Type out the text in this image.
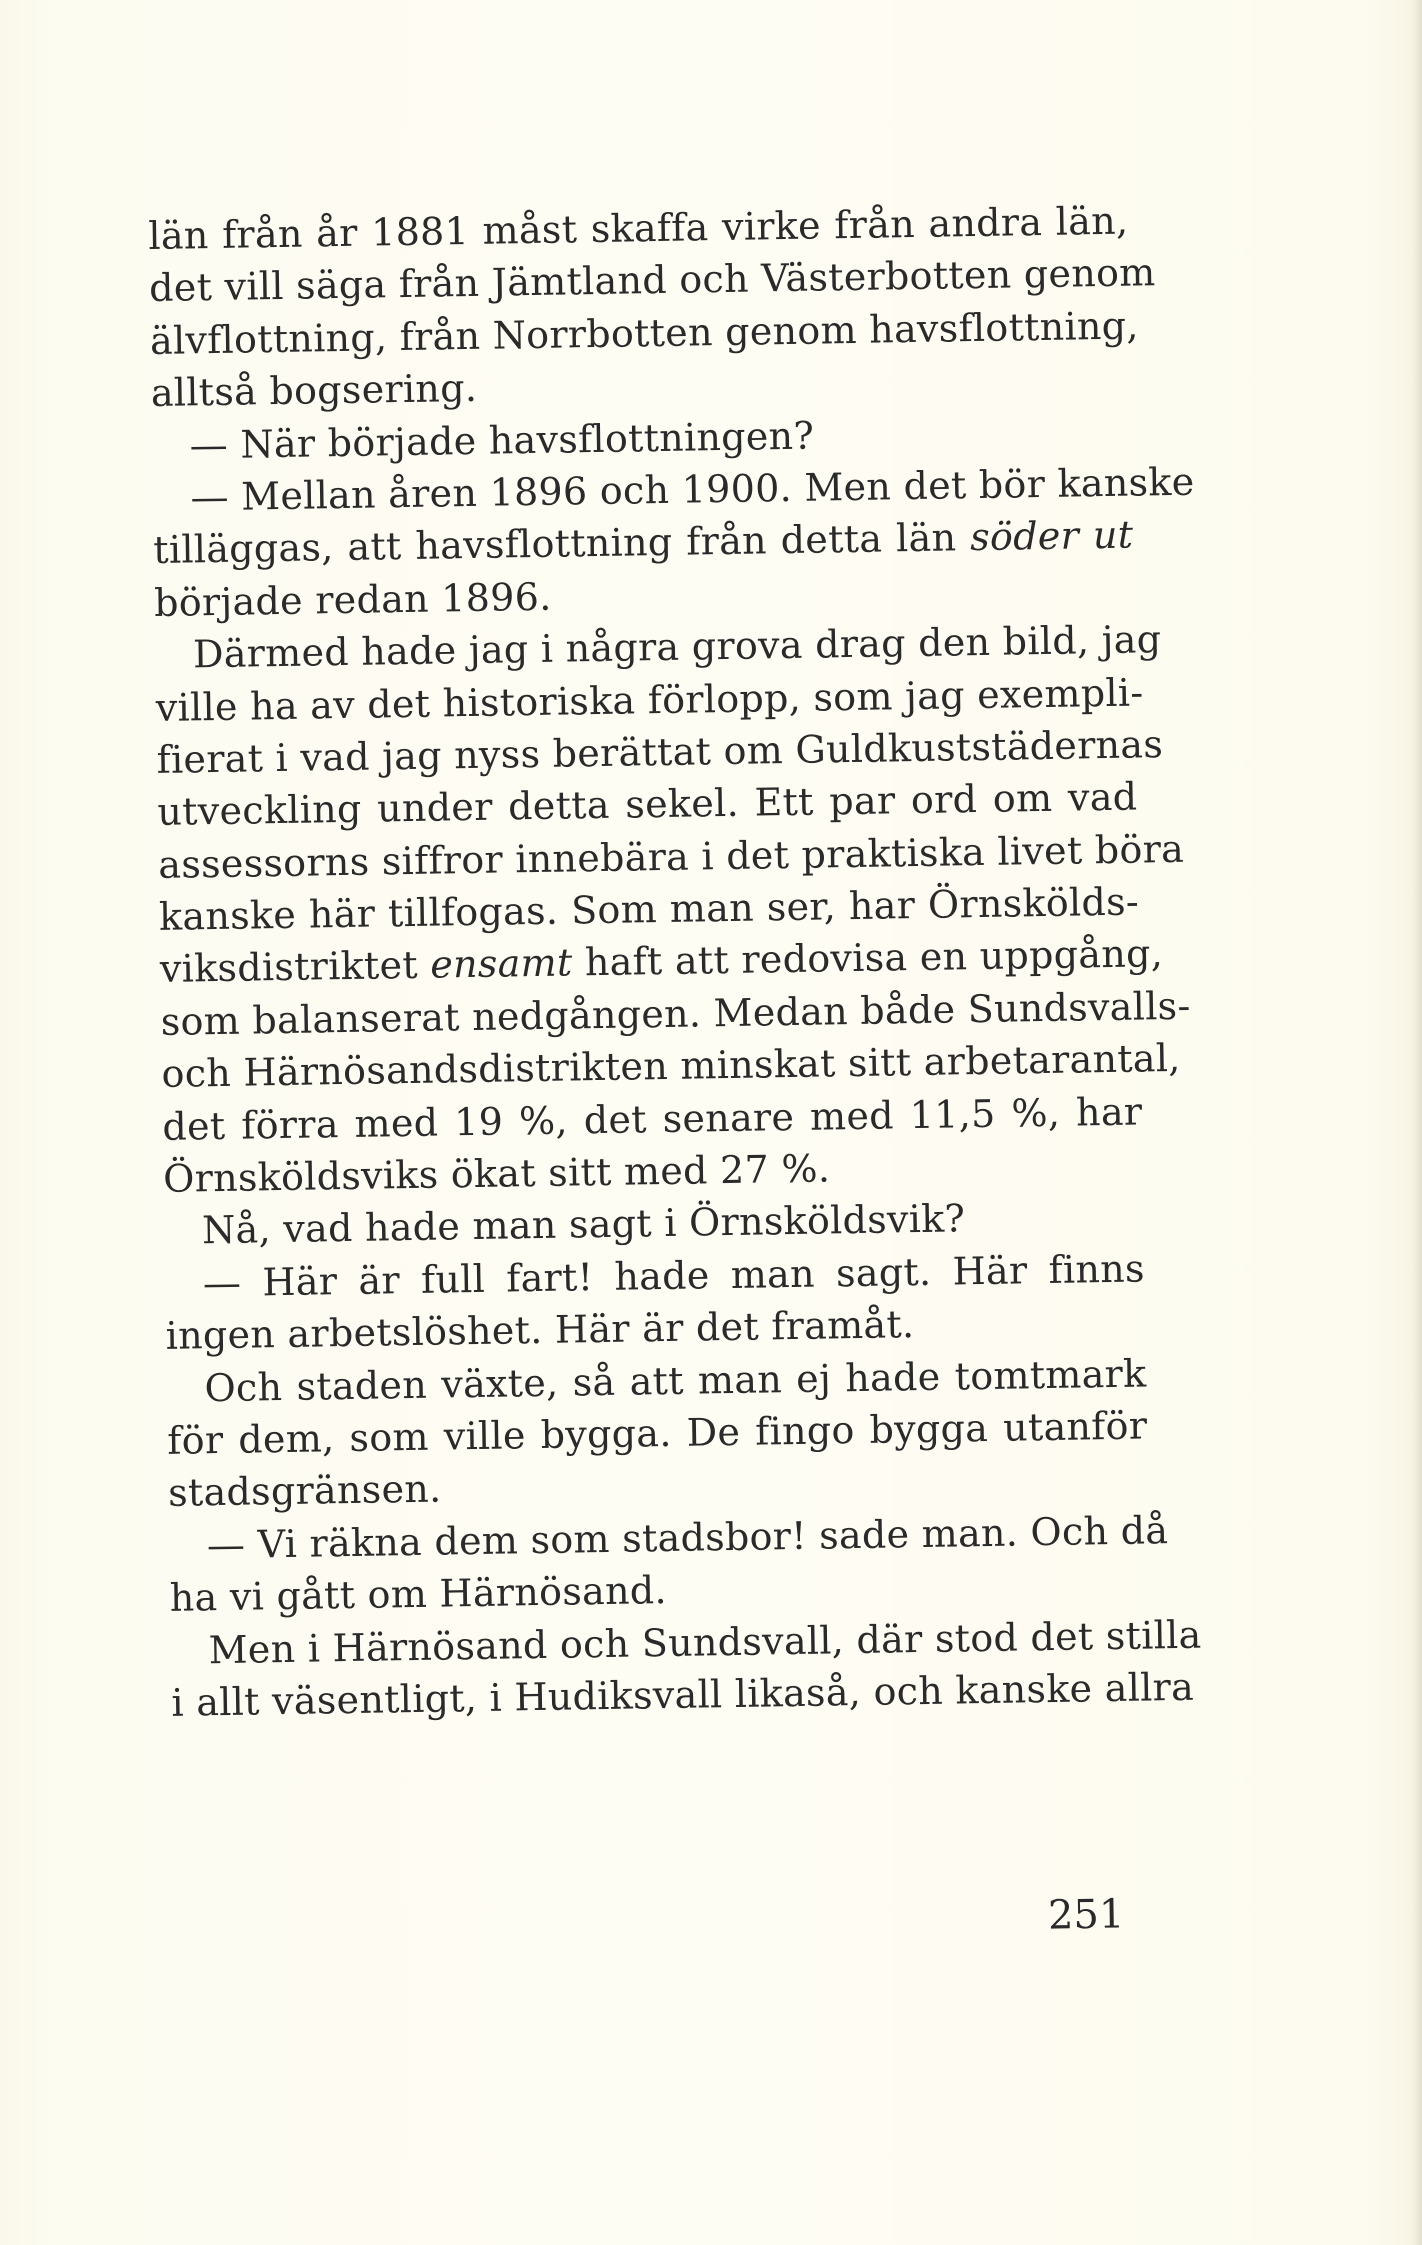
län från år 1881 måst skaffa virke från andra län,
det vill säga från Jämtland och Västerbotten genom
älvflottning, från Norrbotten genom havsflottning,
alltså bogsering.
— När började havsflottningen?
— Mellan åren 1896 och 1900. Men det bör kanske
tilläggas, att havsflottning från detta län söder ut
började redan 1896.
Därmed hade jag i några grova drag den bild, jag
ville ha av det historiska förlopp, som jag exempli-
fierat i vad jag nyss berättat om Guldkuststädernas
utveckling under detta sekel. Ett par ord om vad
assessorns siffror innebära i det praktiska livet böra
kanske här tillfogas. Som man ser, har Örnskölds-
viksdistriktet ensamt haft att redovisa en uppgång,
som balanserat nedgången. Medan både Sundsvalls-
och Härnösandsdistrikten minskat sitt arbetarantal,
det förra med 19 %, det senare med 11,5 %, har
Örnsköldsviks ökat sitt med 27 %.
Nå, vad hade man sagt i Örnsköldsvik?
— Här är full fart! hade man sagt. Här finns
ingen arbetslöshet. Här är det framåt.
Och staden växte, så att man ej hade tomtmark
för dem, som ville bygga. De fingo bygga utanför
stadsgränsen.
— Vi räkna dem som stadsbor! sade man. Och då
ha vi gått om Härnösand.
Men i Härnösand och Sundsvall, där stod det stilla
i allt väsentligt, i Hudiksvall likaså, och kanske allra
251
